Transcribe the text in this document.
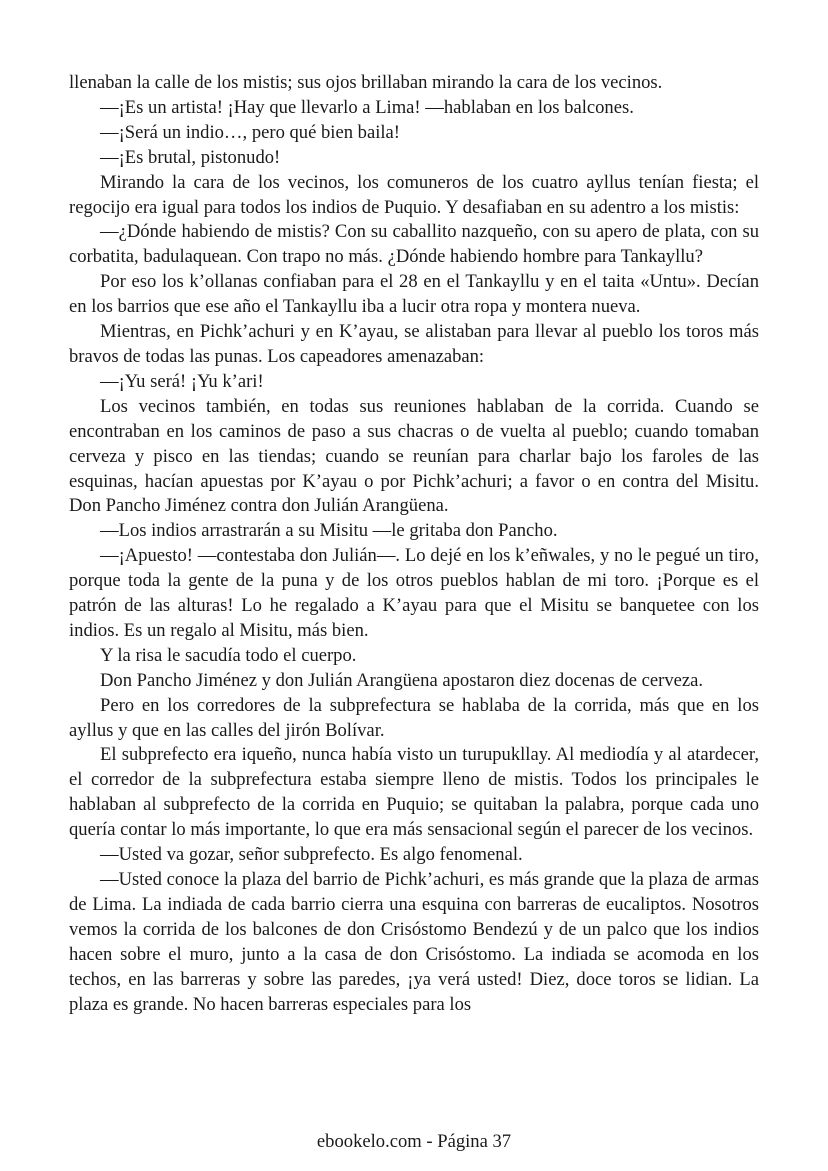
llenaban la calle de los mistis; sus ojos brillaban mirando la cara de los vecinos.

—¡Es un artista! ¡Hay que llevarlo a Lima! —hablaban en los balcones.

—¡Será un indio…, pero qué bien baila!

—¡Es brutal, pistonudo!

Mirando la cara de los vecinos, los comuneros de los cuatro ayllus tenían fiesta; el regocijo era igual para todos los indios de Puquio. Y desafiaban en su adentro a los mistis:

—¿Dónde habiendo de mistis? Con su caballito nazqueño, con su apero de plata, con su corbatita, badulaquean. Con trapo no más. ¿Dónde habiendo hombre para Tankayllu?

Por eso los k’ollanas confiaban para el 28 en el Tankayllu y en el taita «Untu». Decían en los barrios que ese año el Tankayllu iba a lucir otra ropa y montera nueva.

Mientras, en Pichk’achuri y en K’ayau, se alistaban para llevar al pueblo los toros más bravos de todas las punas. Los capeadores amenazaban:

—¡Yu será! ¡Yu k’ari!

Los vecinos también, en todas sus reuniones hablaban de la corrida. Cuando se encontraban en los caminos de paso a sus chacras o de vuelta al pueblo; cuando tomaban cerveza y pisco en las tiendas; cuando se reunían para charlar bajo los faroles de las esquinas, hacían apuestas por K’ayau o por Pichk’achuri; a favor o en contra del Misitu. Don Pancho Jiménez contra don Julián Arangüena.

—Los indios arrastrarán a su Misitu —le gritaba don Pancho.

—¡Apuesto! —contestaba don Julián—. Lo dejé en los k’eñwales, y no le pegué un tiro, porque toda la gente de la puna y de los otros pueblos hablan de mi toro. ¡Porque es el patrón de las alturas! Lo he regalado a K’ayau para que el Misitu se banquetee con los indios. Es un regalo al Misitu, más bien.

Y la risa le sacudía todo el cuerpo.

Don Pancho Jiménez y don Julián Arangüena apostaron diez docenas de cerveza.

Pero en los corredores de la subprefectura se hablaba de la corrida, más que en los ayllus y que en las calles del jirón Bolívar.

El subprefecto era iqueño, nunca había visto un turupukllay. Al mediodía y al atardecer, el corredor de la subprefectura estaba siempre lleno de mistis. Todos los principales le hablaban al subprefecto de la corrida en Puquio; se quitaban la palabra, porque cada uno quería contar lo más importante, lo que era más sensacional según el parecer de los vecinos.

—Usted va gozar, señor subprefecto. Es algo fenomenal.

—Usted conoce la plaza del barrio de Pichk’achuri, es más grande que la plaza de armas de Lima. La indiada de cada barrio cierra una esquina con barreras de eucaliptos. Nosotros vemos la corrida de los balcones de don Crisóstomo Bendezú y de un palco que los indios hacen sobre el muro, junto a la casa de don Crisóstomo. La indiada se acomoda en los techos, en las barreras y sobre las paredes, ¡ya verá usted! Diez, doce toros se lidian. La plaza es grande. No hacen barreras especiales para los

ebookelo.com - Página 37
